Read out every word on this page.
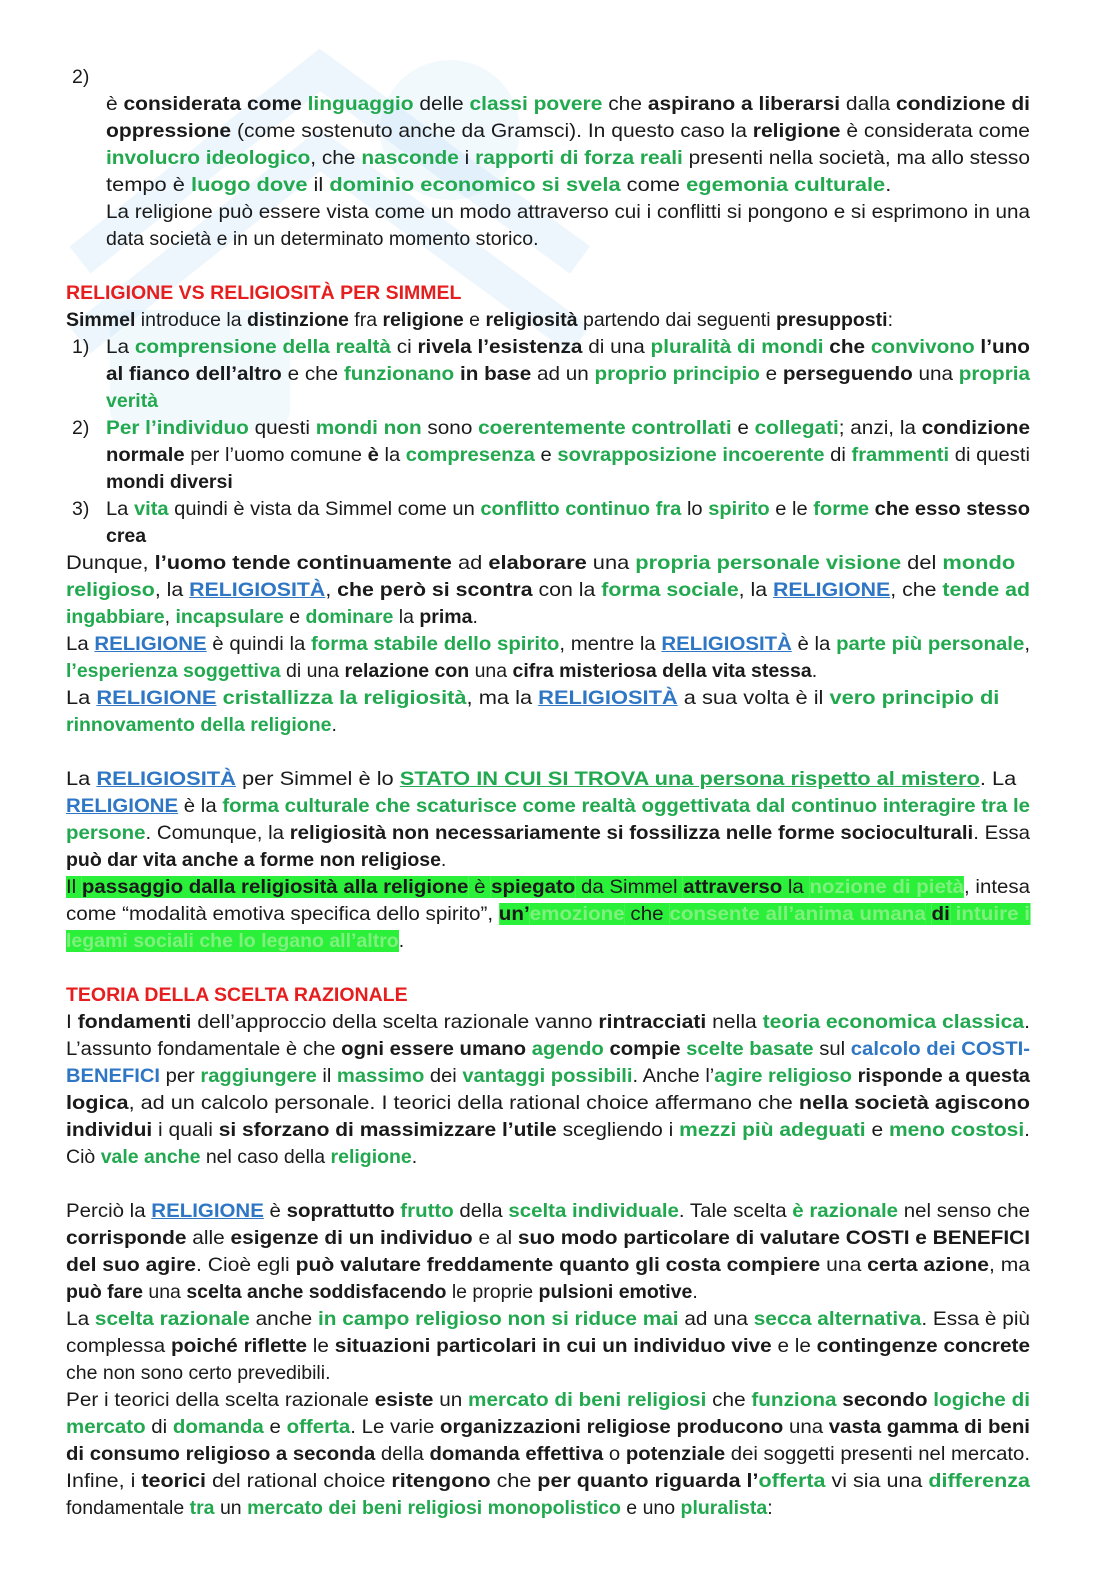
2)
è considerata come linguaggio delle classi povere che aspirano a liberarsi dalla condizione di
oppressione (come sostenuto anche da Gramsci). In questo caso la religione è considerata come
involucro ideologico, che nasconde i rapporti di forza reali presenti nella società, ma allo stesso
tempo è luogo dove il dominio economico si svela come egemonia culturale.
La religione può essere vista come un modo attraverso cui i conflitti si pongono e si esprimono in una
data società e in un determinato momento storico.
RELIGIONE VS RELIGIOSITÀ PER SIMMEL
Simmel introduce la distinzione fra religione e religiosità partendo dai seguenti presupposti:
La comprensione della realtà ci rivela l’esistenza di una pluralità di mondi che convivono l’uno
al fianco dell’altro e che funzionano in base ad un proprio principio e perseguendo una propria
verità
Per l’individuo questi mondi non sono coerentemente controllati e collegati; anzi, la condizione
normale per l’uomo comune è la compresenza e sovrapposizione incoerente di frammenti di questi
mondi diversi
La vita quindi è vista da Simmel come un conflitto continuo fra lo spirito e le forme che esso stesso
crea
Dunque, l’uomo tende continuamente ad elaborare una propria personale visione del mondo
religioso, la RELIGIOSITÀ, che però si scontra con la forma sociale, la RELIGIONE, che tende ad
ingabbiare, incapsulare e dominare la prima.
La RELIGIONE è quindi la forma stabile dello spirito, mentre la RELIGIOSITÀ è la parte più personale,
l’esperienza soggettiva di una relazione con una cifra misteriosa della vita stessa.
La RELIGIONE cristallizza la religiosità, ma la RELIGIOSITÀ a sua volta è il vero principio di
rinnovamento della religione.
La RELIGIOSITÀ per Simmel è lo STATO IN CUI SI TROVA una persona rispetto al mistero. La
RELIGIONE è la forma culturale che scaturisce come realtà oggettivata dal continuo interagire tra le
persone. Comunque, la religiosità non necessariamente si fossilizza nelle forme socioculturali. Essa
può dar vita anche a forme non religiose.
Il passaggio dalla religiosità alla religione è spiegato da Simmel attraverso la nozione di pietà, intesa
come “modalità emotiva specifica dello spirito”, un’emozione che consente all’anima umana di intuire i
legami sociali che lo legano all’altro.
TEORIA DELLA SCELTA RAZIONALE
I fondamenti dell’approccio della scelta razionale vanno rintracciati nella teoria economica classica.
L’assunto fondamentale è che ogni essere umano agendo compie scelte basate sul calcolo dei COSTI-
BENEFICI per raggiungere il massimo dei vantaggi possibili. Anche l’agire religioso risponde a questa
logica, ad un calcolo personale. I teorici della rational choice affermano che nella società agiscono
individui i quali si sforzano di massimizzare l’utile scegliendo i mezzi più adeguati e meno costosi.
Ciò vale anche nel caso della religione.
Perciò la RELIGIONE è soprattutto frutto della scelta individuale. Tale scelta è razionale nel senso che
corrisponde alle esigenze di un individuo e al suo modo particolare di valutare COSTI e BENEFICI
del suo agire. Cioè egli può valutare freddamente quanto gli costa compiere una certa azione, ma
può fare una scelta anche soddisfacendo le proprie pulsioni emotive.
La scelta razionale anche in campo religioso non si riduce mai ad una secca alternativa. Essa è più
complessa poiché riflette le situazioni particolari in cui un individuo vive e le contingenze concrete
che non sono certo prevedibili.
Per i teorici della scelta razionale esiste un mercato di beni religiosi che funziona secondo logiche di
mercato di domanda e offerta. Le varie organizzazioni religiose producono una vasta gamma di beni
di consumo religioso a seconda della domanda effettiva o potenziale dei soggetti presenti nel mercato.
Infine, i teorici del rational choice ritengono che per quanto riguarda l’offerta vi sia una differenza
fondamentale tra un mercato dei beni religiosi monopolistico e uno pluralista:
1)
2)
3)
